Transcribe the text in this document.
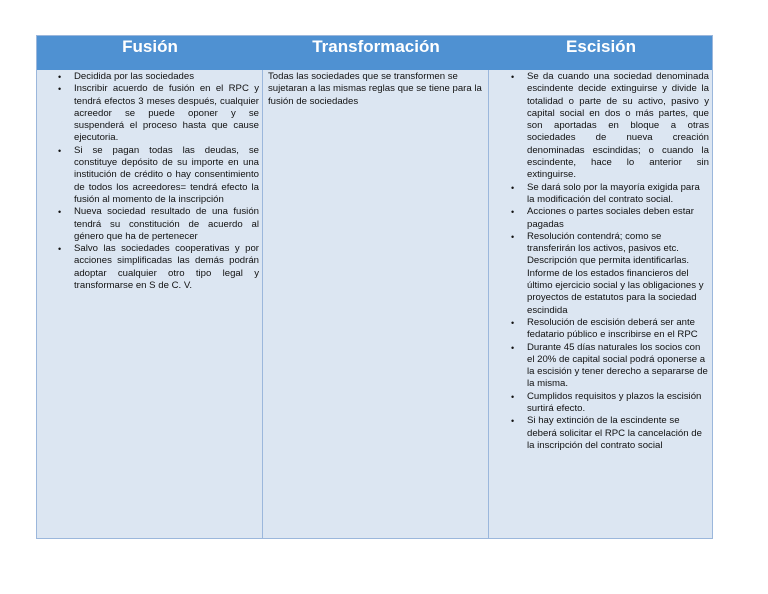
Fusión	Transformación	Escisión
• Decidida por las sociedades
• Inscribir acuerdo de fusión en el RPC y tendrá efectos 3 meses después, cualquier acreedor se puede oponer y se suspenderá el proceso hasta que cause ejecutoria.
• Si se pagan todas las deudas, se constituye depósito de su importe en una institución de crédito o hay consentimiento de todos los acreedores= tendrá efecto la fusión al momento de la inscripción
• Nueva sociedad resultado de una fusión tendrá su constitución de acuerdo al género que ha de pertenecer
• Salvo las sociedades cooperativas y por acciones simplificadas las demás podrán adoptar cualquier otro tipo legal y transformarse en S de C. V.

Todas las sociedades que se transformen se sujetaran a las mismas reglas que se tiene para la fusión de sociedades

• Se da cuando una sociedad denominada escindente decide extinguirse y divide la totalidad o parte de su activo, pasivo y capital social en dos o más partes, que son aportadas en bloque a otras sociedades de nueva creación denominadas escindidas; o cuando la escindente, hace lo anterior sin extinguirse.
• Se dará solo por la mayoría exigida para la modificación del contrato social.
• Acciones o partes sociales deben estar pagadas
• Resolución contendrá; como se transferirán los activos, pasivos etc. Descripción que permita identificarlas. Informe de los estados financieros del último ejercicio social y las obligaciones y proyectos de estatutos para la sociedad escindida
• Resolución de escisión deberá ser ante fedatario público e inscribirse en el RPC
• Durante 45 días naturales los socios con el 20% de capital social podrá oponerse a la escisión y tener derecho a separarse de la misma.
• Cumplidos requisitos y plazos la escisión surtirá efecto.
• Si hay extinción de la escindente se deberá solicitar el RPC la cancelación de la inscripción del contrato social
